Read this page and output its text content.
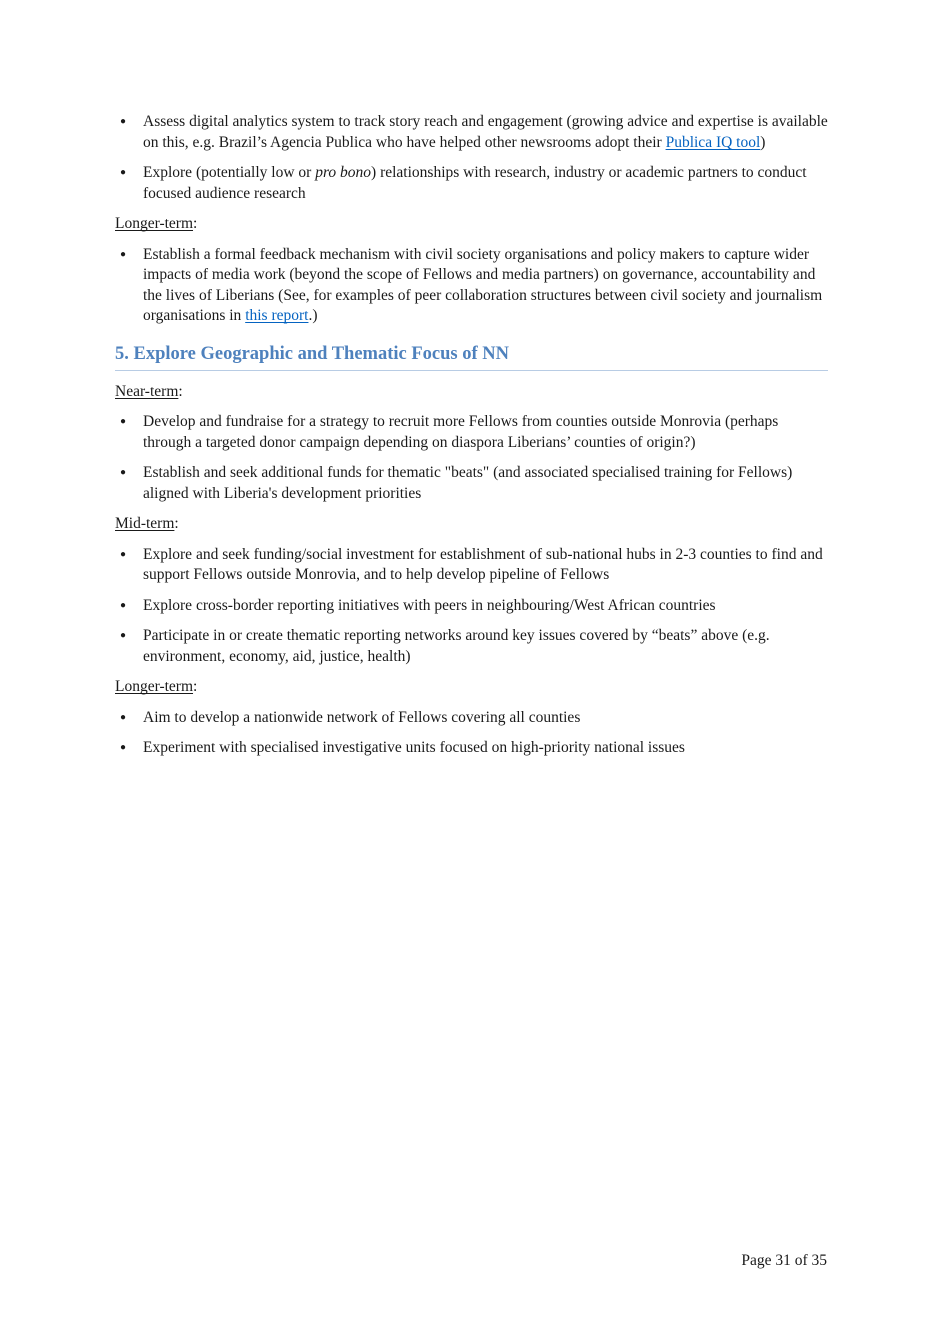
● Assess digital analytics system to track story reach and engagement (growing advice and expertise is available on this, e.g. Brazil’s Agencia Publica who have helped other newsrooms adopt their Publica IQ tool)
● Explore (potentially low or pro bono) relationships with research, industry or academic partners to conduct focused audience research

Longer-term:

● Establish a formal feedback mechanism with civil society organisations and policy makers to capture wider impacts of media work (beyond the scope of Fellows and media partners) on governance, accountability and the lives of Liberians (See, for examples of peer collaboration structures between civil society and journalism organisations in this report.)
5. Explore Geographic and Thematic Focus of NN

Near-term:

● Develop and fundraise for a strategy to recruit more Fellows from counties outside Monrovia (perhaps through a targeted donor campaign depending on diaspora Liberians’ counties of origin?)
● Establish and seek additional funds for thematic "beats" (and associated specialised training for Fellows) aligned with Liberia's development priorities

Mid-term:

● Explore and seek funding/social investment for establishment of sub-national hubs in 2-3 counties to find and support Fellows outside Monrovia, and to help develop pipeline of Fellows
● Explore cross-border reporting initiatives with peers in neighbouring/West African countries
● Participate in or create thematic reporting networks around key issues covered by “beats” above (e.g. environment, economy, aid, justice, health)

Longer-term:

● Aim to develop a nationwide network of Fellows covering all counties
● Experiment with specialised investigative units focused on high-priority national issues
Page 31 of 35
